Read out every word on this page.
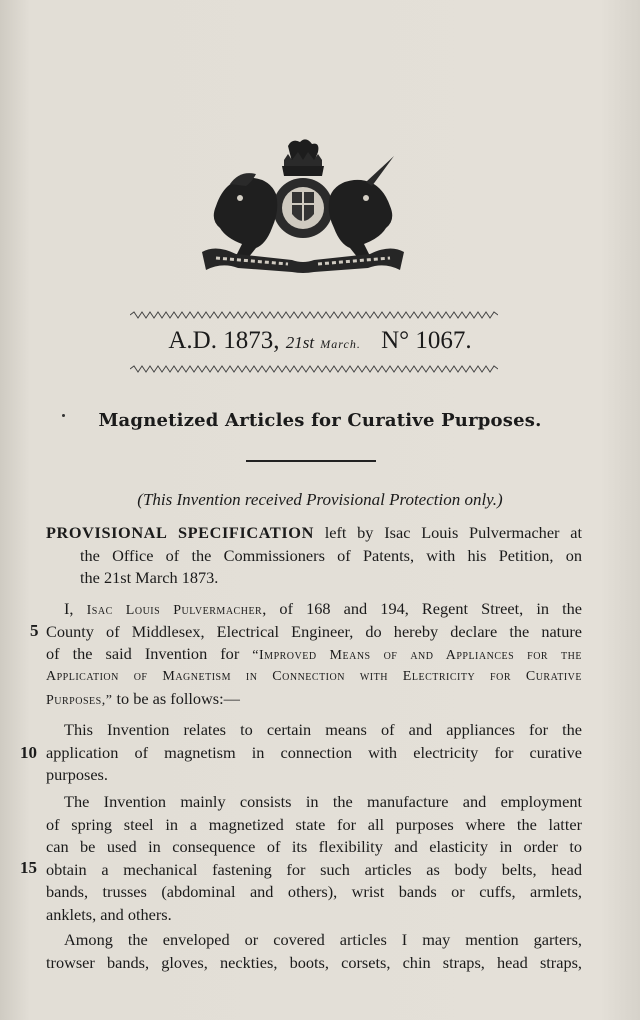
A.D. 1873, 21st March. N° 1067.
Magnetized Articles for Curative Purposes.
(This Invention received Provisional Protection only.)
PROVISIONAL SPECIFICATION left by Isac Louis Pulvermacher at
the Office of the Commissioners of Patents, with his Petition, on
the 21st March 1873.
I, Isac Louis Pulvermacher, of 168 and 194, Regent Street, in the
County of Middlesex, Electrical Engineer, do hereby declare the nature
of the said Invention for “Improved Means of and Appliances for the
Application of Magnetism in Connection with Electricity for Curative
Purposes,” to be as follows:—
This Invention relates to certain means of and appliances for the
application of magnetism in connection with electricity for curative
purposes.
The Invention mainly consists in the manufacture and employment
of spring steel in a magnetized state for all purposes where the latter
can be used in consequence of its flexibility and elasticity in order to
obtain a mechanical fastening for such articles as body belts, head
bands, trusses (abdominal and others), wrist bands or cuffs, armlets,
anklets, and others.
Among the enveloped or covered articles I may mention garters,
trowser bands, gloves, neckties, boots, corsets, chin straps, head straps,
5
10
15
